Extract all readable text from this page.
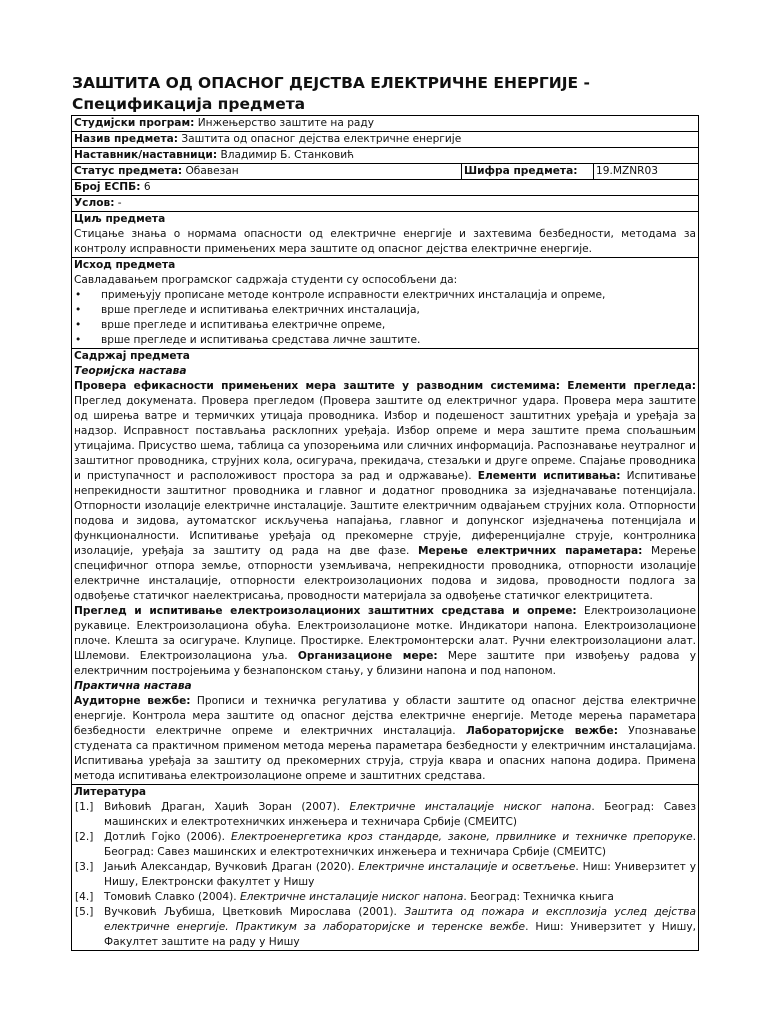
ЗАШТИТА ОД ОПАСНОГ ДЕЈСТВА ЕЛЕКТРИЧНЕ ЕНЕРГИЈЕ - Спецификација предмета
Студијски програм: Инжењерство заштите на раду
Назив предмета: Заштита од опасног дејства електричне енергије
Наставник/наставници: Владимир Б. Станковић
Статус предмета: Обавезан	Шифра предмета:	19.MZNR03
Број ЕСПБ: 6
Услов: -

Циљ предмета
Стицање знања о нормама опасности од електричне енергије и захтевима безбедности, методама за контролу исправности примењених мера заштите од опасног дејства електричне енергије.

Исход предмета
Савладавањем програмског садржаја студенти су оспособљени да:
• примењују прописане методе контроле исправности електричних инсталација и опреме,
• врше прегледе и испитивања електричних инсталација,
• врше прегледе и испитивања електричне опреме,
• врше прегледе и испитивања средстава личне заштите.

Садржај предмета
Теоријска настава
Провера ефикасности примењених мера заштите у разводним системима: Елементи прегледа: Преглед докумената. Провера прегледом (Провера заштите од електричног удара. Провера мера заштите од ширења ватре и термичких утицаја проводника. Избор и подешеност заштитних уређаја и уређаја за надзор. Исправност постављања расклопних уређаја. Избор опреме и мера заштите према спољашњим утицајима. Присуство шема, таблица са упозорењима или сличних информација. Распознавање неутралног и заштитног проводника, струјних кола, осигурача, прекидача, стезаљки и друге опреме. Спајање проводника и приступачност и расположивост простора за рад и одржавање). Елементи испитивања: Испитивање непрекидности заштитног проводника и главног и додатног проводника за изједначавање потенцијала. Отпорности изолације електричне инсталације. Заштите електричним одвајањем струјних кола. Отпорности подова и зидова, аутоматског искључења напајања, главног и допунског изједначења потенцијала и функционалности. Испитивање уређаја од прекомерне струје, диференцијалне струје, контролника изолације, уређаја за заштиту од рада на две фазе. Мерење електричних параметара: Мерење специфичног отпора земље, отпорности уземљивача, непрекидности проводника, отпорности изолације електричне инсталације, отпорности електроизолационих подова и зидова, проводности подлога за одвођење статичког наелектрисања, проводности материјала за одвођење статичког електрицитета.
Преглед и испитивање електроизолационих заштитних средстава и опреме: Електроизолационе рукавице. Електроизолациона обућа. Електроизолационе мотке. Индикатори напона. Електроизолационе плоче. Клешта за осигураче. Клупице. Простирке. Електромонтерски алат. Ручни електроизолациони алат. Шлемови. Електроизолациона уља. Организационе мере: Мере заштите при извођењу радова у електричним постројењима у безнапонском стању, у близини напона и под напоном.
Практична настава
Аудиторне вежбе: Прописи и техничка регулатива у области заштите од опасног дејства електричне енергије. Контрола мера заштите од опасног дејства електричне енергије. Методе мерења параметара безбедности електричне опреме и електричних инсталација. Лабораторијске вежбе: Упознавање студената са практичном применом метода мерења параметара безбедности у електричним инсталацијама. Испитивања уређаја за заштиту од прекомерних струја, струја квара и опасних напона додира. Примена метода испитивања електроизолационе опреме и заштитних средстава.

Литература
[1.] Вићовић Драган, Хаџић Зоран (2007). Електричне инсталације ниског напона. Београд: Савез машинских и електротехничких инжењера и техничара Србије (СМЕИТС)
[2.] Дотлић Гојко (2006). Електроенергетика кроз стандарде, законе, првилнике и техничке препоруке. Београд: Савез машинских и електротехничких инжењера и техничара Србије (СМЕИТС)
[3.] Јањић Александар, Вучковић Драган (2020). Електричне инсталације и осветљење. Ниш: Универзитет у Нишу, Електронски факултет у Нишу
[4.] Томовић Славко (2004). Електричне инсталације ниског напона. Београд: Техничка књига
[5.] Вучковић Љубиша, Цветковић Мирослава (2001). Заштита од пожара и експлозија услед дејства електричне енергије. Практикум за лабораторијске и теренске вежбе. Ниш: Универзитет у Нишу, Факултет заштите на раду у Нишу
